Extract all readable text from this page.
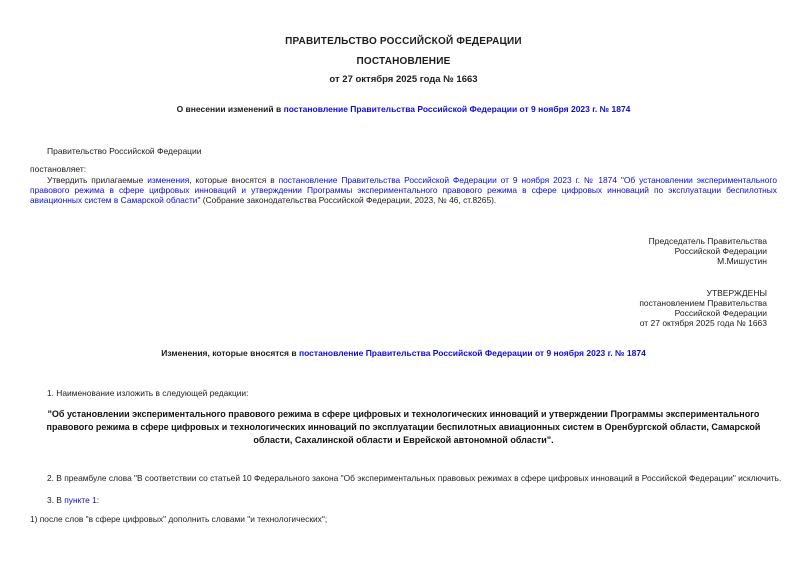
ПРАВИТЕЛЬСТВО РОССИЙСКОЙ ФЕДЕРАЦИИ
ПОСТАНОВЛЕНИЕ
от 27 октября 2025 года № 1663
О внесении изменений в постановление Правительства Российской Федерации от 9 ноября 2023 г. № 1874
Правительство Российской Федерации
постановляет:
Утвердить прилагаемые изменения, которые вносятся в постановление Правительства Российской Федерации от 9 ноября 2023 г. № 1874 "Об установлении экспериментального правового режима в сфере цифровых инноваций и утверждении Программы экспериментального правового режима в сфере цифровых инноваций по эксплуатации беспилотных авиационных систем в Самарской области" (Собрание законодательства Российской Федерации, 2023, № 46, ст.8265).
Председатель Правительства
Российской Федерации
М.Мишустин
УТВЕРЖДЕНЫ
постановлением Правительства
Российской Федерации
от 27 октября 2025 года № 1663
Изменения, которые вносятся в постановление Правительства Российской Федерации от 9 ноября 2023 г. № 1874
1. Наименование изложить в следующей редакции:
"Об установлении экспериментального правового режима в сфере цифровых и технологических инноваций и утверждении Программы экспериментального правового режима в сфере цифровых и технологических инноваций по эксплуатации беспилотных авиационных систем в Оренбургской области, Самарской области, Сахалинской области и Еврейской автономной области".
2. В преамбуле слова "В соответствии со статьей 10 Федерального закона "Об экспериментальных правовых режимах в сфере цифровых инноваций в Российской Федерации" исключить.
3. В пункте 1:
1) после слов "в сфере цифровых" дополнить словами "и технологических";
